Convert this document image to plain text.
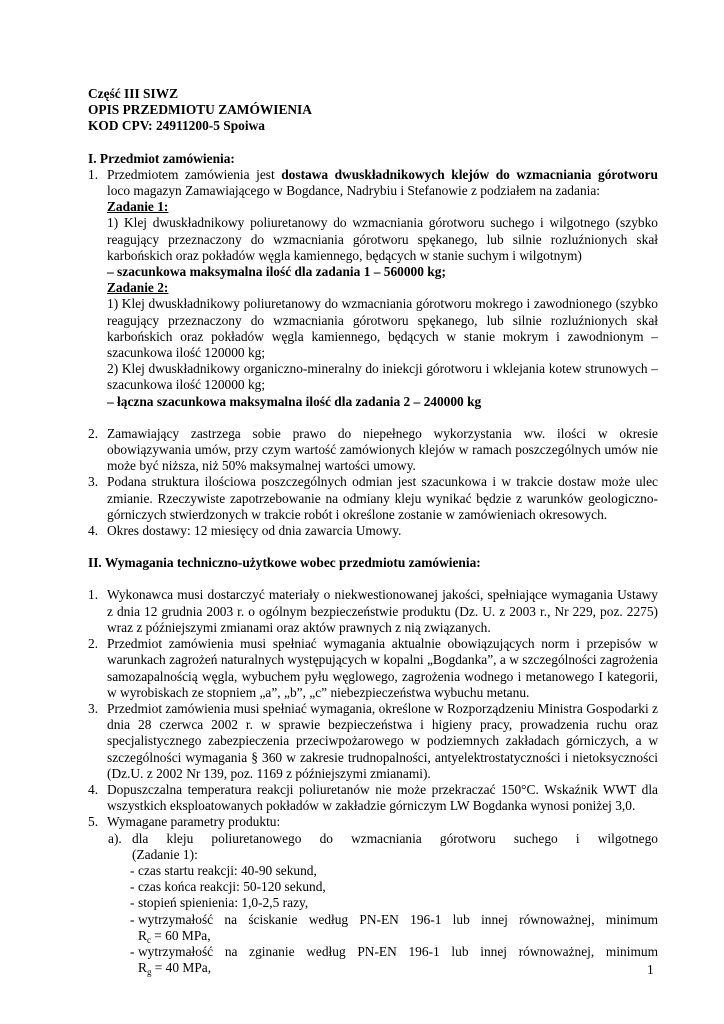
Część III SIWZ
OPIS PRZEDMIOTU ZAMÓWIENIA
KOD CPV: 24911200-5 Spoiwa
I. Przedmiot zamówienia:
1. Przedmiotem zamówienia jest dostawa dwuskładnikowych klejów do wzmacniania górotworu
loco magazyn Zamawiającego w Bogdance, Nadrybiu i Stefanowie z podziałem na zadania:
Zadanie 1:
1) Klej dwuskładnikowy poliuretanowy do wzmacniania górotworu suchego i wilgotnego (szybko reagujący przeznaczony do wzmacniania górotworu spękanego, lub silnie rozluźnionych skał karbońskich oraz pokładów węgla kamiennego, będących w stanie suchym i wilgotnym)
– szacunkowa maksymalna ilość dla zadania 1 – 560000 kg;
Zadanie 2:
1) Klej dwuskładnikowy poliuretanowy do wzmacniania górotworu mokrego i zawodnionego (szybko reagujący przeznaczony do wzmacniania górotworu spękanego, lub silnie rozluźnionych skał karbońskich oraz pokładów węgla kamiennego, będących w stanie mokrym i zawodnionym – szacunkowa ilość 120000 kg;
2) Klej dwuskładnikowy organiczno-mineralny do iniekcji górotworu i wklejania kotew strunowych – szacunkowa ilość 120000 kg;
– łączna szacunkowa maksymalna ilość dla zadania 2 – 240000 kg
2. Zamawiający zastrzega sobie prawo do niepełnego wykorzystania ww. ilości w okresie obowiązywania umów, przy czym wartość zamówionych klejów w ramach poszczególnych umów nie może być niższa, niż 50% maksymalnej wartości umowy.
3. Podana struktura ilościowa poszczególnych odmian jest szacunkowa i w trakcie dostaw może ulec zmianie. Rzeczywiste zapotrzebowanie na odmiany kleju wynikać będzie z warunków geologiczno-górniczych stwierdzonych w trakcie robót i określone zostanie w zamówieniach okresowych.
4. Okres dostawy: 12 miesięcy od dnia zawarcia Umowy.
II. Wymagania techniczno-użytkowe wobec przedmiotu zamówienia:
1. Wykonawca musi dostarczyć materiały o niekwestionowanej jakości, spełniające wymagania Ustawy z dnia 12 grudnia 2003 r. o ogólnym bezpieczeństwie produktu (Dz. U. z 2003 r., Nr 229, poz. 2275) wraz z późniejszymi zmianami oraz aktów prawnych z nią związanych.
2. Przedmiot zamówienia musi spełniać wymagania aktualnie obowiązujących norm i przepisów w warunkach zagrożeń naturalnych występujących w kopalni „Bogdanka”, a w szczególności zagrożenia samozapalnością węgla, wybuchem pyłu węglowego, zagrożenia wodnego i metanowego I kategorii, w wyrobiskach ze stopniem „a”, „b”, „c” niebezpieczeństwa wybuchu metanu.
3. Przedmiot zamówienia musi spełniać wymagania, określone w Rozporządzeniu Ministra Gospodarki z dnia 28 czerwca 2002 r. w sprawie bezpieczeństwa i higieny pracy, prowadzenia ruchu oraz specjalistycznego zabezpieczenia przeciwpożarowego w podziemnych zakładach górniczych, a w szczególności wymagania § 360 w zakresie trudnopalności, antyelektrostatyczności i nietoksyczności (Dz.U. z 2002 Nr 139, poz. 1169 z późniejszymi zmianami).
4. Dopuszczalna temperatura reakcji poliuretanów nie może przekraczać 150°C. Wskaźnik WWT dla wszystkich eksploatowanych pokładów w zakładzie górniczym LW Bogdanka wynosi poniżej 3,0.
5. Wymagane parametry produktu:
a). dla kleju poliuretanowego do wzmacniania górotworu suchego i wilgotnego
(Zadanie 1):
- czas startu reakcji: 40-90 sekund,
- czas końca reakcji: 50-120 sekund,
- stopień spienienia: 1,0-2,5 razy,
- wytrzymałość na ściskanie według PN-EN 196-1 lub innej równoważnej, minimum
$R_c = 60$ MPa,
- wytrzymałość na zginanie według PN-EN 196-1 lub innej równoważnej, minimum
$R_g = 40$ MPa,	1
